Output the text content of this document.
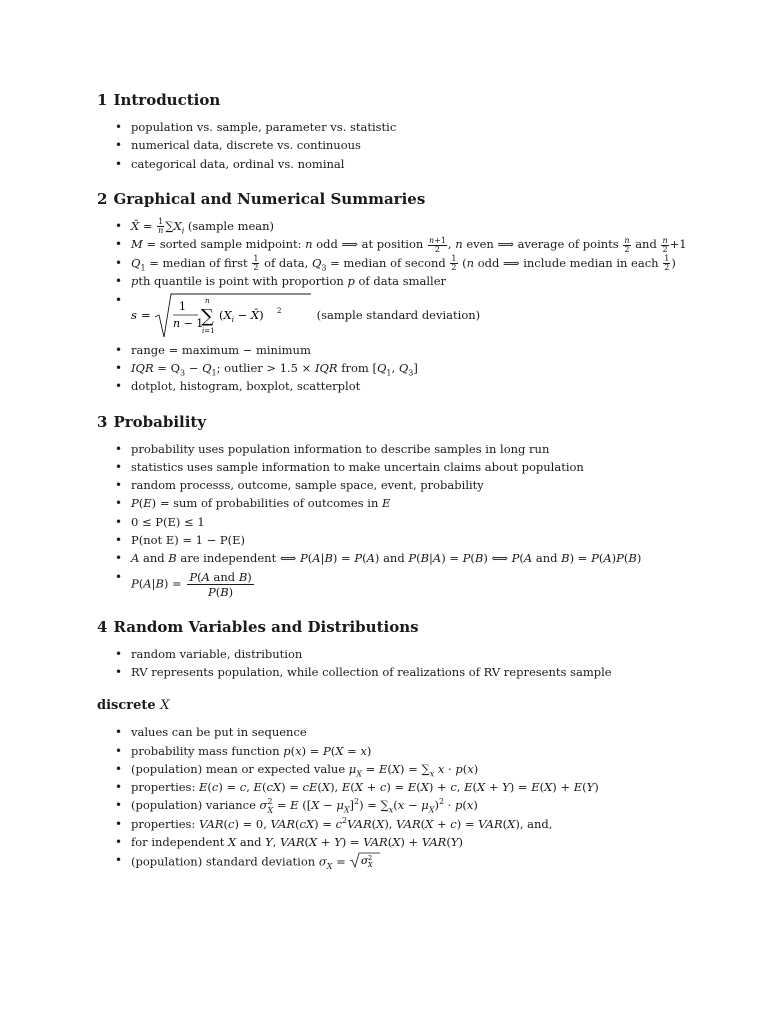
1 Introduction
• population vs. sample, parameter vs. statistic
• numerical data, discrete vs. continuous
• categorical data, ordinal vs. nominal
2 Graphical and Numerical Summaries
• X̄ = $\frac{1}{n} \sum X_i$ (sample mean)
• M = sorted sample midpoint: n odd ⟹ at position $\frac{n+1}{2}$ , n even ⟹ average of points $\frac{n}{2}$ and $\frac{n}{2} +1$
• $Q_1$ = median of first $\frac{1}{2}$ of data, $Q_3$ = median of second $\frac{1}{2} (n$ odd ⟹ include median in each $\frac{1}{2}$ )
• pth quantile is point with proportion p of data smaller
• s =
1
n − 1
n
∑
i=1
($X_i$ − X̄) 2	(sample standard deviation)
• range = maximum − minimum
• IQR = $Q_3 - Q_1$; outlier > 1.5 × IQR from [$Q_1$, $Q_3$]
• dotplot, histogram, boxplot, scatterplot
3 Probability
• probability uses population information to describe samples in long run
• statistics uses sample information to make uncertain claims about population
• random processs, outcome, sample space, event, probability
• P(E) = sum of probabilities of outcomes in E
• 0 ≤ P(E) ≤ 1
• P(not E) = 1 − P(E)
• A and B are independent ⟺ P(A|B) = P(A) and P(B|A) = P(B) ⟺ P(A and B) = P(A)P(B)
• P(A|B) = P(A and B)
P(B)
4 Random Variables and Distributions
• random variable, distribution
• RV represents population, while collection of realizations of RV represents sample
discrete X
• values can be put in sequence
• probability mass function p(x) = P(X = x)
• (population) mean or expected value $\mu_X = E(X) = \sum_x$ x · p(x)
• properties: E(c) = c, E(cX) = cE(X), E(X + c) = E(X) + c, E(X + Y) = E(X) + E(Y)
• (population) variance $\sigma^2_X = E$ $([X - \mu_X]^2) = \sum_x(x - \mu_X)^2 \cdot p(x)$
• properties: VAR(c) = 0, $VAR(cX) = c^2VAR(X)$, VAR(X + c) = VAR(X), and,
• for independent X and Y, VAR(X + Y) = VAR(X) + VAR(Y)
• (population) standard deviation $\sigma_X = \sigma$ 2
X
